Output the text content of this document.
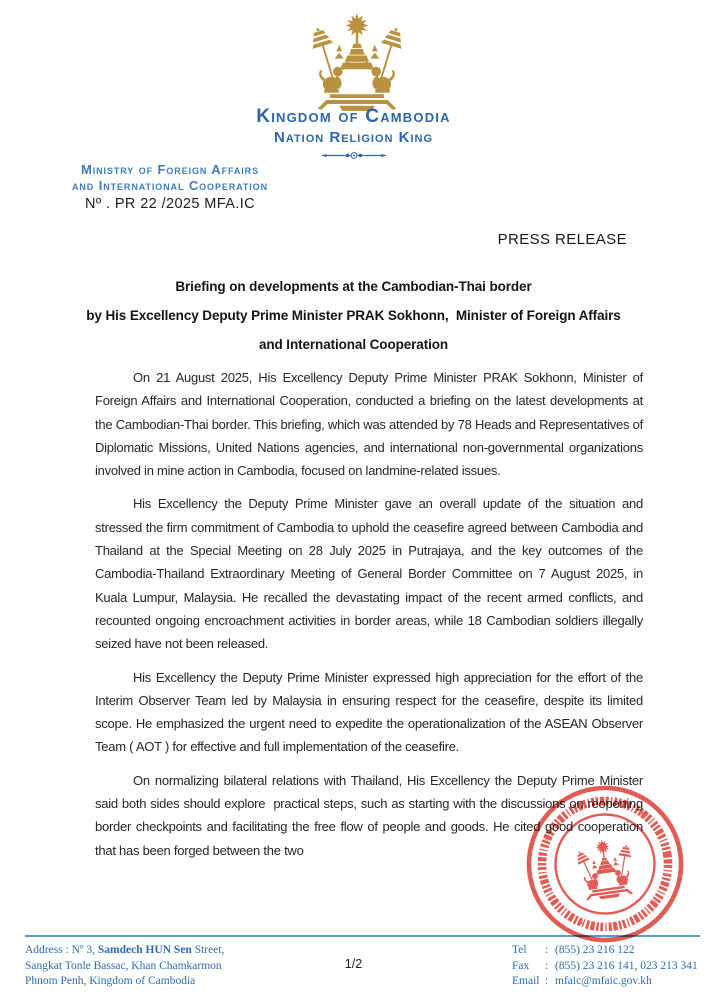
Kingdom of Cambodia
Nation Religion King
Ministry of Foreign Affairs
and International Cooperation
Nº . PR 22 /2025 MFA.IC
PRESS RELEASE
Briefing on developments at the Cambodian-Thai border
by His Excellency Deputy Prime Minister PRAK Sokhonn,  Minister of Foreign Affairs
and International Cooperation

On 21 August 2025, His Excellency Deputy Prime Minister PRAK Sokhonn, Minister of Foreign Affairs and International Cooperation, conducted a briefing on the latest developments at the Cambodian-Thai border. This briefing, which was attended by 78 Heads and Representatives of Diplomatic Missions, United Nations agencies, and international non-governmental organizations involved in mine action in Cambodia, focused on landmine-related issues.

His Excellency the Deputy Prime Minister gave an overall update of the situation and stressed the firm commitment of Cambodia to uphold the ceasefire agreed between Cambodia and Thailand at the Special Meeting on 28 July 2025 in Putrajaya, and the key outcomes of the Cambodia-Thailand Extraordinary Meeting of General Border Committee on 7 August 2025, in Kuala Lumpur, Malaysia. He recalled the devastating impact of the recent armed conflicts, and recounted ongoing encroachment activities in border areas, while 18 Cambodian soldiers illegally seized have not been released.

His Excellency the Deputy Prime Minister expressed high appreciation for the effort of the Interim Observer Team led by Malaysia in ensuring respect for the ceasefire, despite its limited scope. He emphasized the urgent need to expedite the operationalization of the ASEAN Observer Team ( AOT ) for effective and full implementation of the ceasefire.

On normalizing bilateral relations with Thailand, His Excellency the Deputy Prime Minister said both sides should explore  practical steps, such as starting with the discussions on reopening border checkpoints and facilitating the free flow of people and goods. He cited good cooperation that has been forged between the two

*
*
*
*
Address : Nº 3, Samdech HUN Sen Street,
Sangkat Tonle Bassac, Khan Chamkarmon
Phnom Penh, Kingdom of Cambodia
1/2
Tel	: (855) 23 216 122
Fax	: (855) 23 216 141, 023 213 341
Email : mfaic@mfaic.gov.kh
